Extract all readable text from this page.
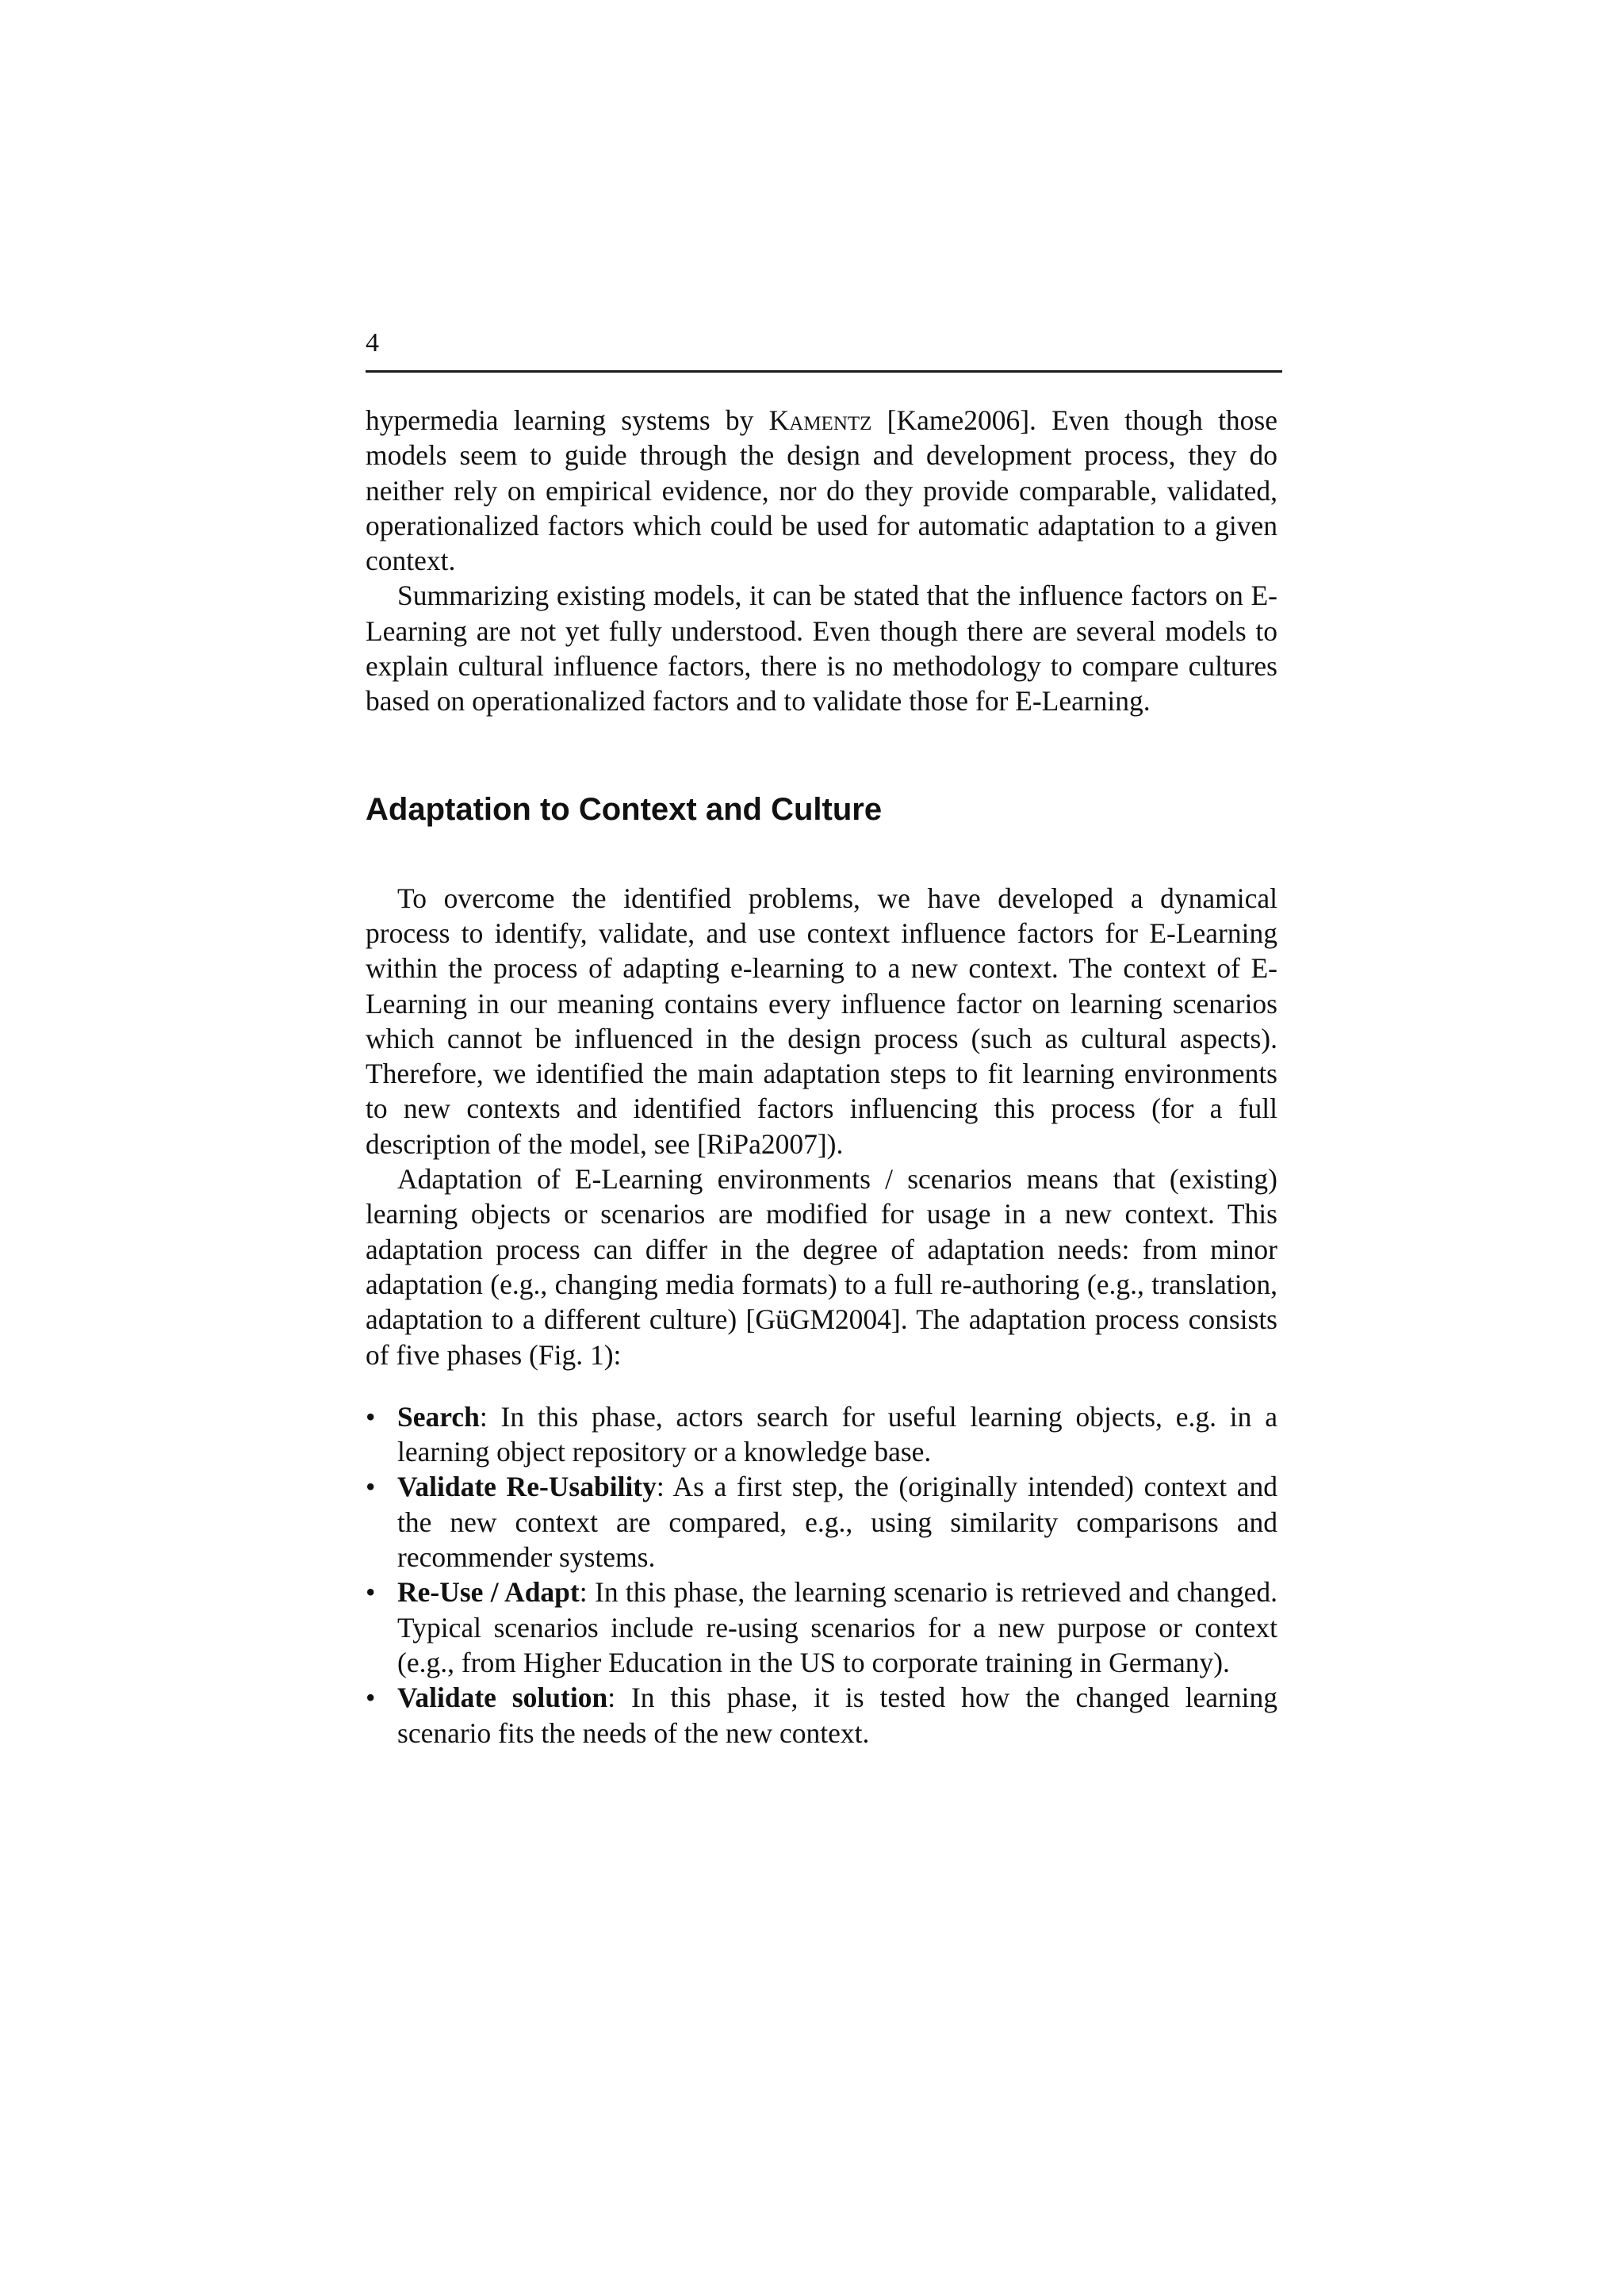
4

hypermedia learning systems by Kamentz [Kame2006]. Even though those models seem to guide through the design and development process, they do neither rely on empirical evidence, nor do they provide comparable, validated, operationalized factors which could be used for automatic adaptation to a given context.

Summarizing existing models, it can be stated that the influence factors on E-Learning are not yet fully understood. Even though there are several models to explain cultural influence factors, there is no methodology to compare cultures based on operationalized factors and to validate those for E-Learning.

Adaptation to Context and Culture

To overcome the identified problems, we have developed a dynamical process to identify, validate, and use context influence factors for E-​Learning within the process of adapting e-learning to a new context. The context of E-Learning in our meaning contains every influence factor on learning scenarios which cannot be influenced in the design process (such as cultural aspects). Therefore, we identified the main adaptation steps to fit learning environments to new contexts and identified factors influencing this process (for a full description of the model, see [RiPa2007]).

Adaptation of E-Learning environments / scenarios means that (existing) learning objects or scenarios are modified for usage in a new context. This adaptation process can differ in the degree of adaptation needs: from minor adaptation (e.g., changing media formats) to a full re-authoring (e.g., translation, adaptation to a different culture) [GüGM2004]. The adaptation process consists of five phases (Fig. 1):

• Search: In this phase, actors search for useful learning objects, e.g. in a learning object repository or a knowledge base.
• Validate Re-Usability: As a first step, the (originally intended) context and the new context are compared, e.g., using similarity comparisons and recommender systems.
• Re-Use / Adapt: In this phase, the learning scenario is retrieved and changed. Typical scenarios include re-using scenarios for a new purpose or context (e.g., from Higher Education in the US to corporate training in Germany).
• Validate solution: In this phase, it is tested how the changed learning scenario fits the needs of the new context.
